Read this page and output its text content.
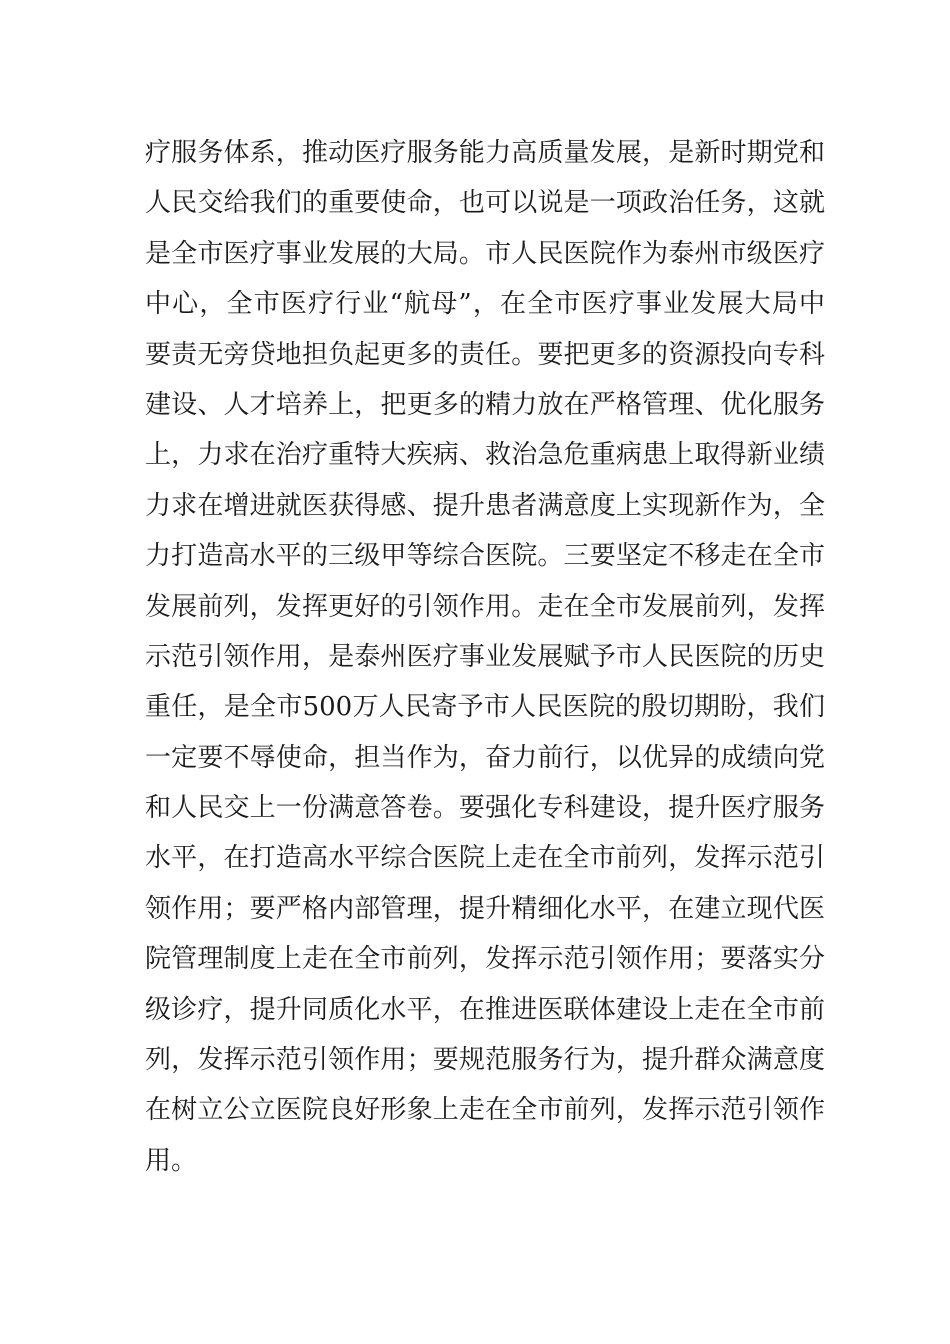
疗服务体系，推动医疗服务能力高质量发展，是新时期党和
人民交给我们的重要使命，也可以说是一项政治任务，这就
是全市医疗事业发展的大局。市人民医院作为泰州市级医疗
中心，全市医疗行业“航母”，在全市医疗事业发展大局中
要责无旁贷地担负起更多的责任。要把更多的资源投向专科
建设、人才培养上，把更多的精力放在严格管理、优化服务
上，力求在治疗重特大疾病、救治急危重病患上取得新业绩
力求在增进就医获得感、提升患者满意度上实现新作为，全
力打造高水平的三级甲等综合医院。三要坚定不移走在全市
发展前列，发挥更好的引领作用。走在全市发展前列，发挥
示范引领作用，是泰州医疗事业发展赋予市人民医院的历史
重任，是全市500万人民寄予市人民医院的殷切期盼，我们
一定要不辱使命，担当作为，奋力前行，以优异的成绩向党
和人民交上一份满意答卷。要强化专科建设，提升医疗服务
水平，在打造高水平综合医院上走在全市前列，发挥示范引
领作用；要严格内部管理，提升精细化水平，在建立现代医
院管理制度上走在全市前列，发挥示范引领作用；要落实分
级诊疗，提升同质化水平，在推进医联体建设上走在全市前
列，发挥示范引领作用；要规范服务行为，提升群众满意度
在树立公立医院良好形象上走在全市前列，发挥示范引领作
用。
